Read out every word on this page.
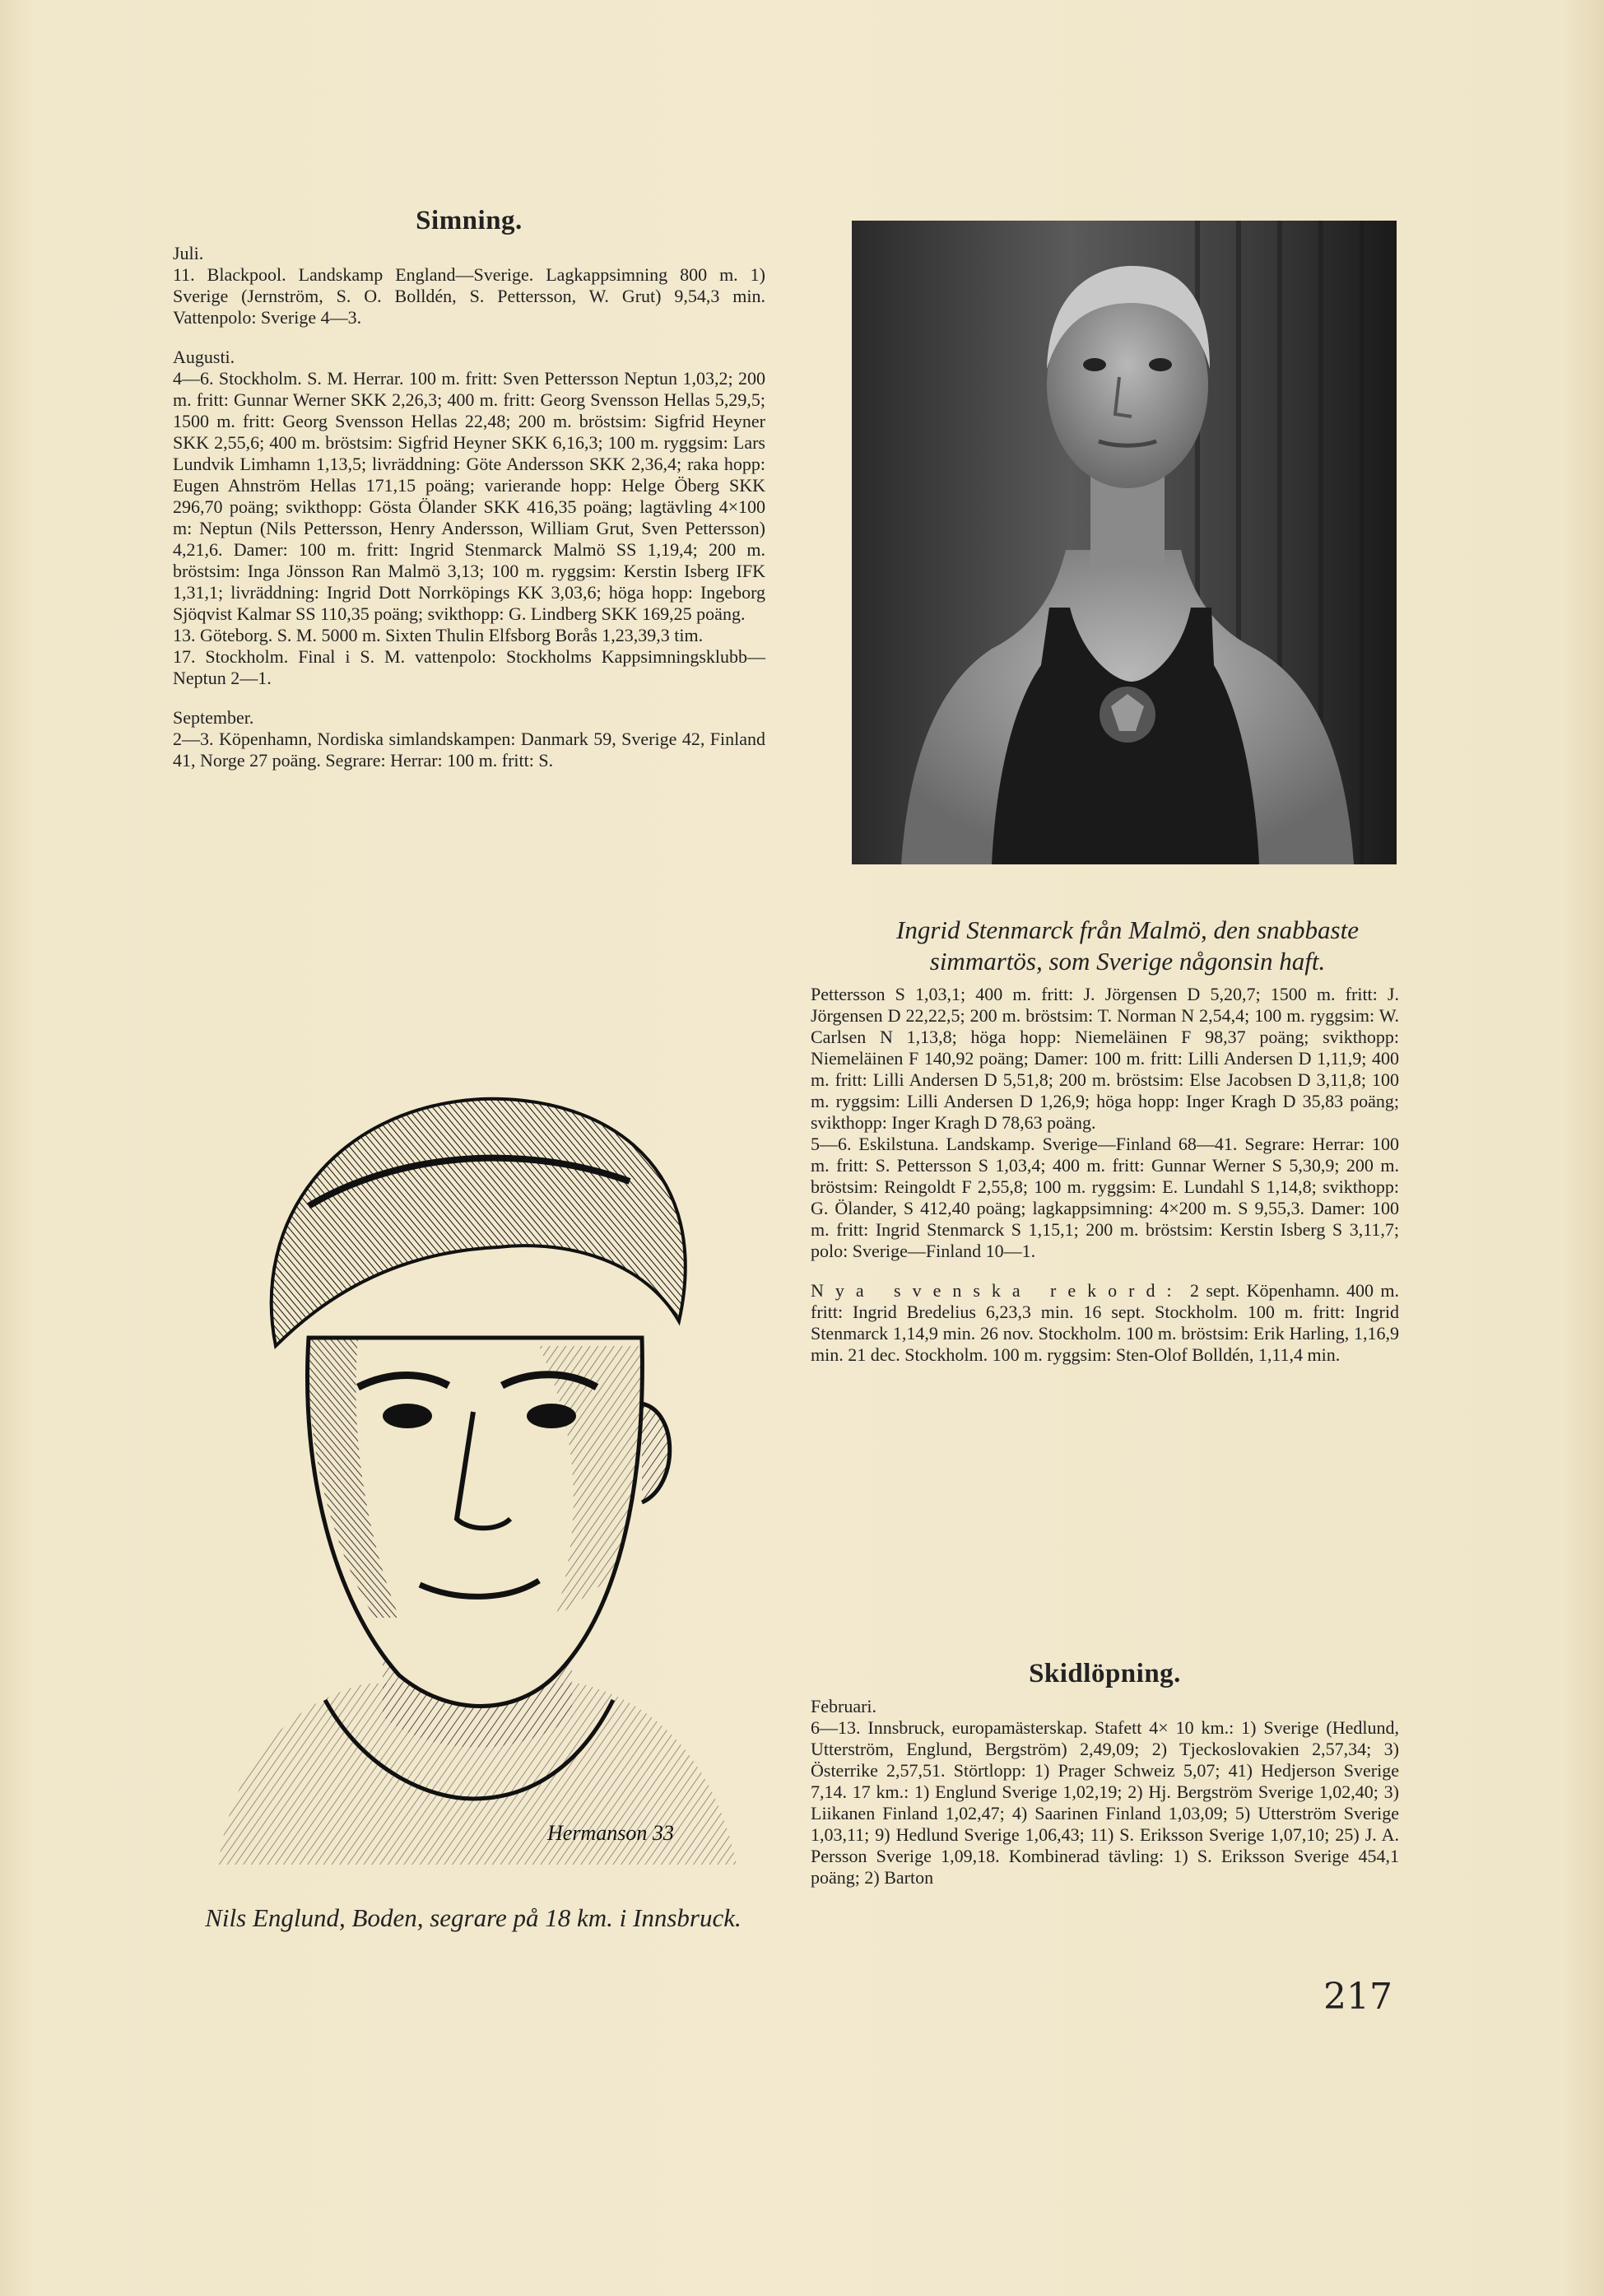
Simning.

Juli.

11. Blackpool. Landskamp England—Sverige. Lagkappsimning 800 m. 1) Sverige (Jernström, S. O. Bolldén, S. Pettersson, W. Grut) 9,54,3 min. Vattenpolo: Sverige 4—3.

Augusti.

4—6. Stockholm. S. M. Herrar. 100 m. fritt: Sven Pettersson Neptun 1,03,2; 200 m. fritt: Gunnar Werner SKK 2,26,3; 400 m. fritt: Georg Svensson Hellas 5,29,5; 1500 m. fritt: Georg Svensson Hellas 22,48; 200 m. bröstsim: Sigfrid Heyner SKK 2,55,6; 400 m. bröstsim: Sigfrid Heyner SKK 6,16,3; 100 m. ryggsim: Lars Lundvik Limhamn 1,13,5; livräddning: Göte Andersson SKK 2,36,4; raka hopp: Eugen Ahnström Hellas 171,15 poäng; varierande hopp: Helge Öberg SKK 296,70 poäng; svikthopp: Gösta Ölander SKK 416,35 poäng; lagtävling 4×100 m: Neptun (Nils Pettersson, Henry Andersson, William Grut, Sven Pettersson) 4,21,6. Damer: 100 m. fritt: Ingrid Stenmarck Malmö SS 1,19,4; 200 m. bröstsim: Inga Jönsson Ran Malmö 3,13; 100 m. ryggsim: Kerstin Isberg IFK 1,31,1; livräddning: Ingrid Dott Norrköpings KK 3,03,6; höga hopp: Ingeborg Sjöqvist Kalmar SS 110,35 poäng; svikthopp: G. Lindberg SKK 169,25 poäng.

13. Göteborg. S. M. 5000 m. Sixten Thulin Elfsborg Borås 1,23,39,3 tim.

17. Stockholm. Final i S. M. vattenpolo: Stockholms Kappsimningsklubb—Neptun 2—1.

September.

2—3. Köpenhamn, Nordiska simlandskampen: Danmark 59, Sverige 42, Finland 41, Norge 27 poäng. Segrare: Herrar: 100 m. fritt: S.

Ingrid Stenmarck från Malmö, den snabbaste simmartös, som Sverige någonsin haft.

Hermanson 33

Nils Englund, Boden, segrare på 18 km. i Innsbruck.

Pettersson S 1,03,1; 400 m. fritt: J. Jörgensen D 5,20,7; 1500 m. fritt: J. Jörgensen D 22,22,5; 200 m. bröstsim: T. Norman N 2,54,4; 100 m. ryggsim: W. Carlsen N 1,13,8; höga hopp: Niemeläinen F 98,37 poäng; svikthopp: Niemeläinen F 140,92 poäng; Damer: 100 m. fritt: Lilli Andersen D 1,11,9; 400 m. fritt: Lilli Andersen D 5,51,8; 200 m. bröstsim: Else Jacobsen D 3,11,8; 100 m. ryggsim: Lilli Andersen D 1,26,9; höga hopp: Inger Kragh D 35,83 poäng; svikthopp: Inger Kragh D 78,63 poäng.

5—6. Eskilstuna. Landskamp. Sverige—Finland 68—41. Segrare: Herrar: 100 m. fritt: S. Pettersson S 1,03,4; 400 m. fritt: Gunnar Werner S 5,30,9; 200 m. bröstsim: Reingoldt F 2,55,8; 100 m. ryggsim: E. Lundahl S 1,14,8; svikthopp: G. Ölander, S 412,40 poäng; lagkappsimning: 4×200 m. S 9,55,3. Damer: 100 m. fritt: Ingrid Stenmarck S 1,15,1; 200 m. bröstsim: Kerstin Isberg S 3,11,7; polo: Sverige—Finland 10—1.

Nya svenska rekord: 2 sept. Köpenhamn. 400 m. fritt: Ingrid Bredelius 6,23,3 min. 16 sept. Stockholm. 100 m. fritt: Ingrid Stenmarck 1,14,9 min. 26 nov. Stockholm. 100 m. bröstsim: Erik Harling, 1,16,9 min. 21 dec. Stockholm. 100 m. ryggsim: Sten-Olof Bolldén, 1,11,4 min.

Skidlöpning.

Februari.

6—13. Innsbruck, europamästerskap. Stafett 4× 10 km.: 1) Sverige (Hedlund, Utterström, Englund, Bergström) 2,49,09; 2) Tjeckoslovakien 2,57,34; 3) Österrike 2,57,51. Störtlopp: 1) Prager Schweiz 5,07; 41) Hedjerson Sverige 7,14. 17 km.: 1) Englund Sverige 1,02,19; 2) Hj. Bergström Sverige 1,02,40; 3) Liikanen Finland 1,02,47; 4) Saarinen Finland 1,03,09; 5) Utterström Sverige 1,03,11; 9) Hedlund Sverige 1,06,43; 11) S. Eriksson Sverige 1,07,10; 25) J. A. Persson Sverige 1,09,18. Kombinerad tävling: 1) S. Eriksson Sverige 454,1 poäng; 2) Barton

217
